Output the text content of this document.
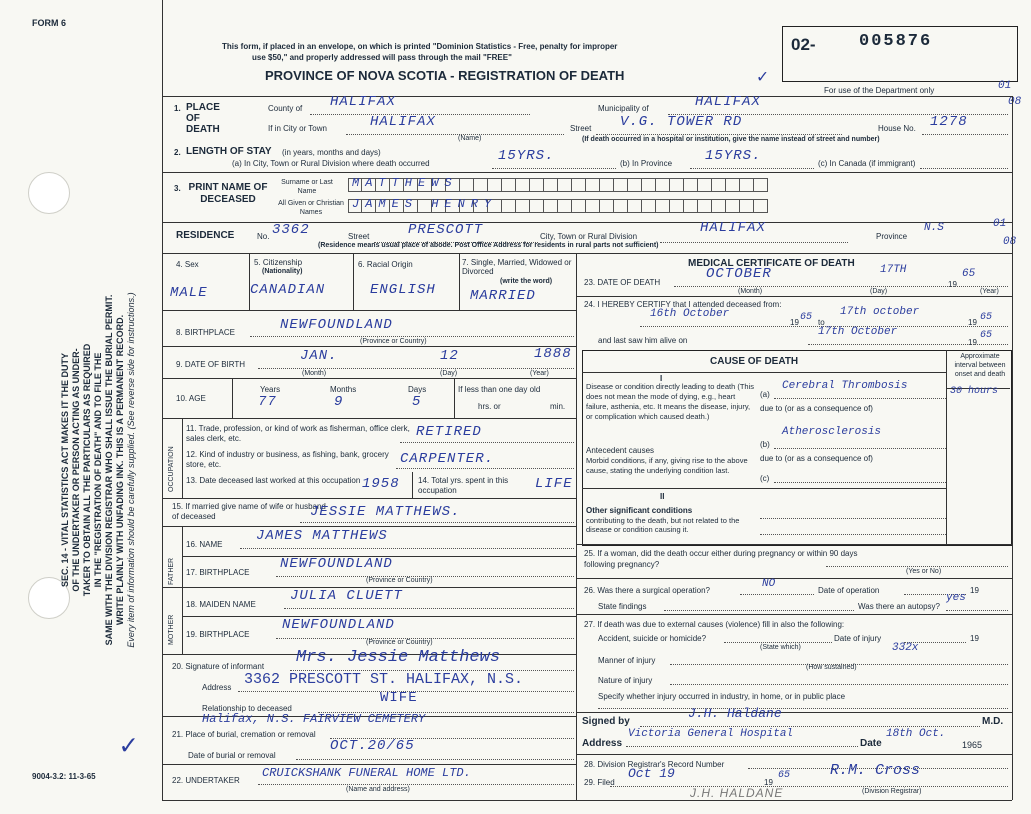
FORM 6
SEC. 14 - VITAL STATISTICS ACT MAKES IT THE DUTY OF THE UNDERTAKER OR PERSON ACTING AS UNDER- TAKER TO OBTAIN ALL THE PARTICULARS AS REQUIRED IN THE "REGISTRATION OF DEATH" AND TO FILE THE SAME WITH THE DIVISION REGISTRAR WHO SHALL ISSUE THE BURIAL PERMIT. WRITE PLAINLY WITH UNFADING INK. THIS IS A PERMANENT RECORD. Every item of information should be carefully supplied. (See reverse side for instructions.)
This form, if placed in an envelope, on which is printed "Dominion Statistics - Free, penalty for improper
use $50," and properly addressed will pass through the mail "FREE"
PROVINCE OF NOVA SCOTIA - REGISTRATION OF DEATH
02-	005876
For use of the Department only	01
08
✓
1. PLACE OF DEATH
County of HALIFAX	Municipality of	HALIFAX
If in City or Town	HALIFAX
(Name)
Street V.G. TOWER RD	House No. 1278
(If death occurred in a hospital or institution, give the name instead of street and number)
2. LENGTH OF STAY (in years, months and days)
(a) In City, Town or Rural Division where death occurred	15YRS.	(b) In Province 15YRS.	(c) In Canada (if immigrant)
3. PRINT NAME OF DECEASED
Surname or Last Name
All Given or Christian Names
MATTHEWS
JAMES HENRY
RESIDENCE	No. 3362	Street	PRESCOTT	City, Town or Rural Division
HALIFAX
Province
N.S	01
08
(Residence means usual place of abode. Post Office Address for residents in rural parts not sufficient)
4. Sex
MALE
5. Citizenship
(Nationality)
CANADIAN
6. Racial Origin
ENGLISH
7. Single, Married, Widowed or Divorced
(write the word)
MARRIED
8. BIRTHPLACE	NEWFOUNDLAND
(Province or Country)
9. DATE OF BIRTH
JAN.	12	1888
(Month)	(Day)	(Year)
10. AGE
Years	Months	Days
77	9	5
If less than one day old
hrs. or	min.
OCCUPATION
11. Trade, profession, or kind of work as fisherman, office clerk, sales clerk, etc.	RETIRED
12. Kind of industry or business, as fishing, bank, grocery store, etc.	CARPENTER.
13. Date deceased last worked at this occupation 1958 14. Total yrs. spent in this occupation	LIFE
15. If married give name of wife or husband of deceased	JESSIE MATTHEWS.
FATHER
MOTHER
16. NAME
JAMES MATTHEWS
17. BIRTHPLACE
NEWFOUNDLAND
(Province or Country)
18. MAIDEN NAME
JULIA CLUETT
19. BIRTHPLACE
NEWFOUNDLAND
(Province or Country)
20. Signature of informant Mrs. Jessie Matthews
Address 3362 PRESCOTT ST. HALIFAX, N.S.
WIFE
Relationship to deceased
21. Place of burial, cremation or removal
Halifax, N.S. FAIRVIEW CEMETERY
Date of burial or removal
OCT.20/65
22. UNDERTAKER
CRUICKSHANK FUNERAL HOME LTD.
(Name and address)
9004-3.2: 11-3-65
✓
MEDICAL CERTIFICATE OF DEATH
23. DATE OF DEATH
OCTOBER	17TH
19
65
(Month)	(Day)	(Year)
24. I HEREBY CERTIFY that I attended deceased from:
16th October
19 65 to
17th october
19 65
and last saw him alive on
17th October
19
65
CAUSE OF DEATH	Approximate interval between onset and death
I
Disease or condition directly leading to death (This does not mean the mode of dying, e.g., heart failure, asthenia, etc. It means the disease, injury, or complication which caused death.)
(a)
Cerebral Thrombosis	30 hours
due to (or as a consequence of)
Atherosclerosis
Antecedent causes
Morbid conditions, if any, giving rise to the above cause, stating the underlying condition last.
(b)
due to (or as a consequence of)
(c)
II
Other significant conditions
contributing to the death, but not related to the disease or condition causing it.
25. If a woman, did the death occur either during pregnancy or within 90 days following pregnancy?
(Yes or No)
26. Was there a surgical operation?
NO
Date of operation	19
State findings	Was there an autopsy?
yes
27. If death was due to external causes (violence) fill in also the following:
Accident, suicide or homicide?
(State which)
Date of injury	19
Manner of injury
332x
(How sustained)
Nature of injury
Specify whether injury occurred in industry, in home, or in public place
Signed by
J.H. Haldane
M.D.
Address
Victoria General Hospital
Date
18th Oct.
1965
28. Division Registrar's Record Number
29. Filed
Oct 19
19
65	R.M. Cross
(Division Registrar)
J.H. HALDANE
